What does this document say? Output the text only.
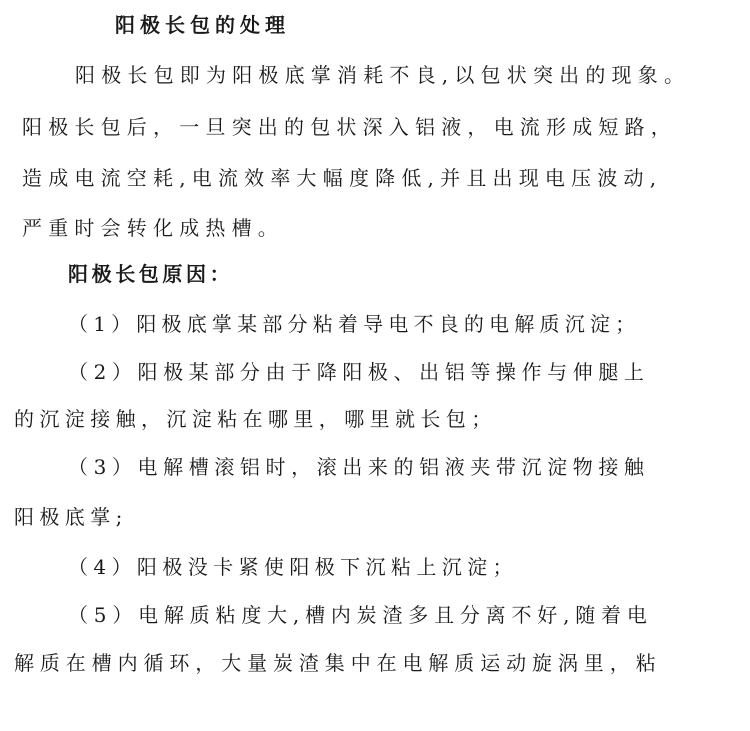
阳极长包的处理
阳极长包即为阳极底掌消耗不良,以包状突出的现象。
阳极长包后，一旦突出的包状深入铝液，电流形成短路，
造成电流空耗,电流效率大幅度降低,并且出现电压波动,
严重时会转化成热槽。
阳极长包原因：
（1）阳极底掌某部分粘着导电不良的电解质沉淀；
（2）阳极某部分由于降阳极、出铝等操作与伸腿上
的沉淀接触，沉淀粘在哪里，哪里就长包；
（3）电解槽滚铝时，滚出来的铝液夹带沉淀物接触
阳极底掌;
（4）阳极没卡紧使阳极下沉粘上沉淀；
（5）电解质粘度大,槽内炭渣多且分离不好,随着电
解质在槽内循环，大量炭渣集中在电解质运动旋涡里，粘
